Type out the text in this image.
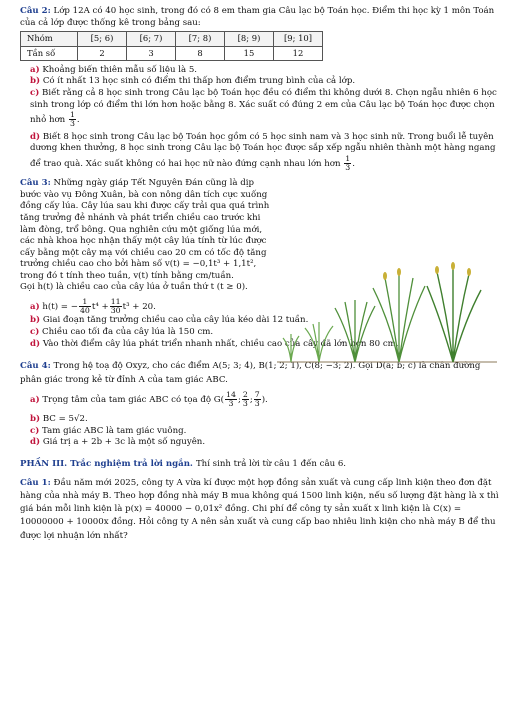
Câu 2: Lớp 12A có 40 học sinh, trong đó có 8 em tham gia Câu lạc bộ Toán học. Điểm thi học kỳ 1 môn Toán của cả lớp được thống kê trong bảng sau:

Nhóm	[5; 6)	[6; 7)	[7; 8)	[8; 9)	[9; 10]
Tần số	2	3	8	15	12

a) Khoảng biến thiên mẫu số liệu là 5.

b) Có ít nhất 13 học sinh có điểm thi thấp hơn điểm trung bình của cả lớp.

c) Biết rằng cả 8 học sinh trong Câu lạc bộ Toán học đều có điểm thi không dưới 8. Chọn ngẫu nhiên 6 học sinh trong lớp có điểm thi lớn hơn hoặc bằng 8. Xác suất có đúng 2 em của Câu lạc bộ Toán học được chọn nhỏ hơn $\frac{1}{3}$ .

d) Biết 8 học sinh trong Câu lạc bộ Toán học gồm có 5 học sinh nam và 3 học sinh nữ. Trong buổi lễ tuyên dương khen thưởng, 8 học sinh trong Câu lạc bộ Toán học được sắp xếp ngẫu nhiên thành một hàng ngang để trao quà. Xác suất không có hai học nữ nào đứng cạnh nhau lớn hơn $\frac{1}{3}$ .

Câu 3: Những ngày giáp Tết Nguyên Đán cũng là dịp bước vào vụ Đông Xuân, bà con nông dân tích cực xuống đồng cấy lúa. Cây lúa sau khi được cấy trải qua quá trình tăng trưởng đẻ nhánh và phát triển chiều cao trước khi làm đòng, trổ bông. Qua nghiên cứu một giống lúa mới, các nhà khoa học nhận thấy một cây lúa tính từ lúc được cấy bằng một cây mạ với chiều cao 20 cm có tốc độ tăng trưởng chiều cao cho bởi hàm số v(t) = −0,1t³ + 1,1t², trong đó t tính theo tuần, v(t) tính bằng cm/tuần.

Gọi h(t) là chiều cao của cây lúa ở tuần thứ t (t ≥ 0).

a) h(t) = − $\frac{1}{40} t^4 + \frac{11}{30} t^3 + 20$.

b) Giai đoạn tăng trưởng chiều cao của cây lúa kéo dài 12 tuần.

c) Chiều cao tối đa của cây lúa là 150 cm.

d) Vào thời điểm cây lúa phát triển nhanh nhất, chiều cao của cây đã lớn hơn 80 cm.

Câu 4: Trong hệ toạ độ Oxyz, cho các điểm A(5; 3; 4), B(1; 2; 1), C(8; −3; 2). Gọi D(a; b; c) là chân đường phân giác trong kẻ từ đỉnh A của tam giác ABC.

a) Trọng tâm của tam giác ABC có tọa độ $G( \frac{14}{3}$ ; $\frac{2}{3}$ ; $\frac{7}{3}$ ).

b) BC = 5√2.

c) Tam giác ABC là tam giác vuông.

d) Giá trị a + 2b + 3c là một số nguyên.

PHẦN III. Trắc nghiệm trả lời ngắn. Thí sinh trả lời từ câu 1 đến câu 6.

Câu 1: Đầu năm mới 2025, công ty A vừa kí được một hợp đồng sản xuất và cung cấp linh kiện theo đơn đặt hàng của nhà máy B. Theo hợp đồng nhà máy B mua không quá 1500 linh kiện, nếu số lượng đặt hàng là x thì giá bán mỗi linh kiện là p(x) = 40000 − 0,01x² đồng. Chi phí để công ty sản xuất x linh kiện là C(x) = 10000000 + 10000x đồng. Hỏi công ty A nên sản xuất và cung cấp bao nhiêu linh kiện cho nhà máy B để thu được lợi nhuận lớn nhất?
